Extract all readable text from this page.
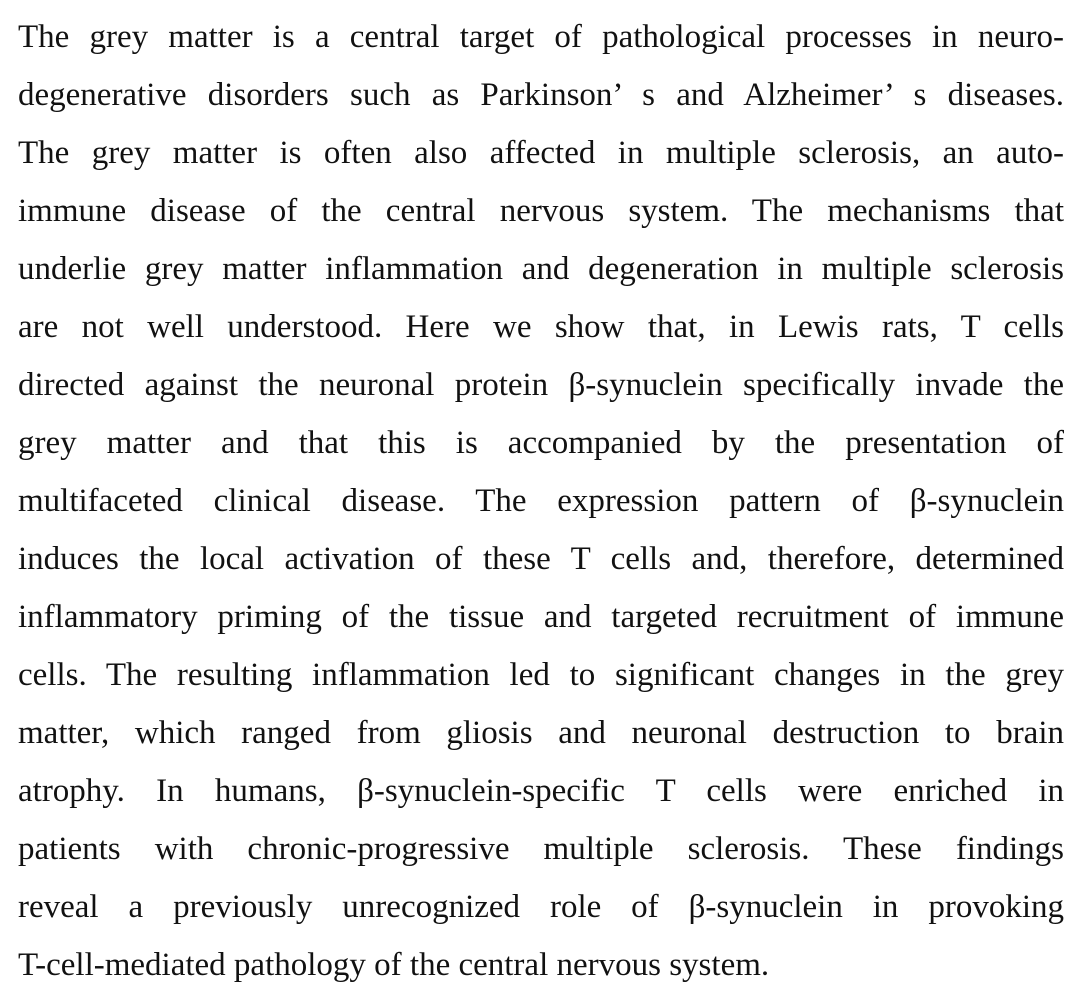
The grey matter is a central target of pathological processes in neuro-
degenerative disorders such as Parkinson’ s and Alzheimer’ s diseases.
The grey matter is often also affected in multiple sclerosis, an auto-
immune disease of the central nervous system. The mechanisms that
underlie grey matter inflammation and degeneration in multiple sclerosis
are not well understood. Here we show that, in Lewis rats, T cells
directed against the neuronal protein β-synuclein specifically invade the
grey matter and that this is accompanied by the presentation of
multifaceted clinical disease. The expression pattern of β-synuclein
induces the local activation of these T cells and, therefore, determined
inflammatory priming of the tissue and targeted recruitment of immune
cells. The resulting inflammation led to significant changes in the grey
matter, which ranged from gliosis and neuronal destruction to brain
atrophy. In humans, β-synuclein-specific T cells were enriched in
patients with chronic-progressive multiple sclerosis. These findings
reveal a previously unrecognized role of β-synuclein in provoking
T-cell-mediated pathology of the central nervous system.
